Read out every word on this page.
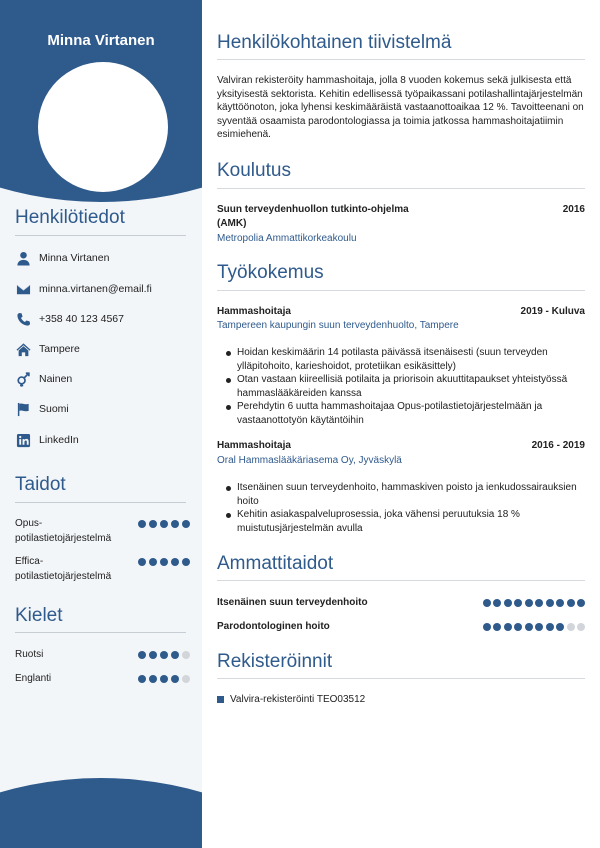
Minna Virtanen
Henkilötiedot
Minna Virtanen
minna.virtanen@email.fi
+358 40 123 4567
Tampere
Nainen
Suomi
LinkedIn
Taidot
Opus-potilastietojärjestelmä
Effica-potilastietojärjestelmä
Kielet
Ruotsi
Englanti
Henkilökohtainen tiivistelmä
Valviran rekisteröity hammashoitaja, jolla 8 vuoden kokemus sekä julkisesta että yksityisestä sektorista. Kehitin edellisessä työpaikassani potilashallintajärjestelmän käyttöönoton, joka lyhensi keskimääräistä vastaanottoaikaa 12 %. Tavoitteenani on syventää osaamista parodontologiassa ja toimia jatkossa hammashoitajatiimin esimiehenä.
Koulutus
Suun terveydenhuollon tutkinto-ohjelma (AMK)
2016
Metropolia Ammattikorkeakoulu
Työkokemus
Hammashoitaja	2019 - Kuluva
Tampereen kaupungin suun terveydenhuolto, Tampere
Hoidan keskimäärin 14 potilasta päivässä itsenäisesti (suun terveyden ylläpitohoito, karieshoidot, protetiikan esikäsittely)
Otan vastaan kiireellisiä potilaita ja priorisoin akuuttitapaukset yhteistyössä hammaslääkäreiden kanssa
Perehdytin 6 uutta hammashoitajaa Opus-potilastietojärjestelmään ja vastaanottotyön käytäntöihin
Hammashoitaja	2016 - 2019
Oral Hammaslääkäriasema Oy, Jyväskylä
Itsenäinen suun terveydenhoito, hammaskiven poisto ja ienkudossairauksien hoito
Kehitin asiakaspalveluprosessia, joka vähensi peruutuksia 18 % muistutusjärjestelmän avulla
Ammattitaidot
Itsenäinen suun terveydenhoito
Parodontologinen hoito
Rekisteröinnit
Valvira-rekisteröinti TEO03512
